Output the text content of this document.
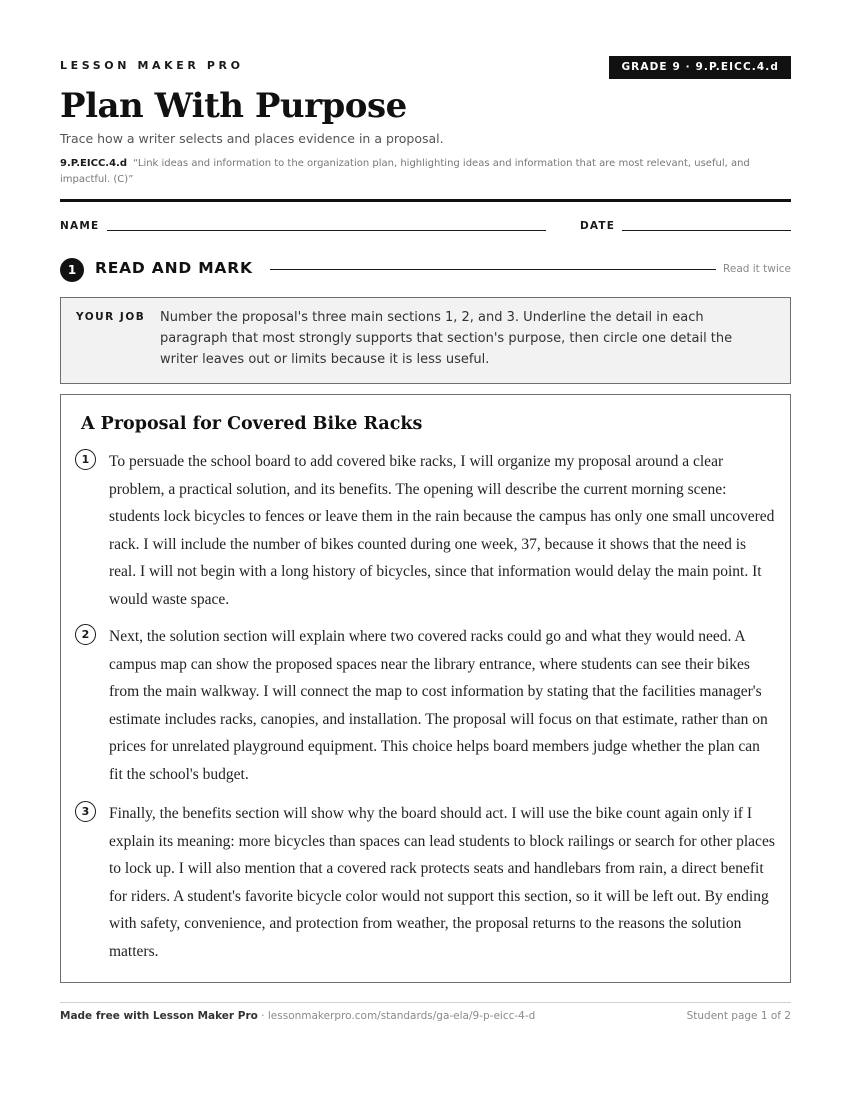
LESSON MAKER PRO	GRADE 9 · 9.P.EICC.4.d
Plan With Purpose
Trace how a writer selects and places evidence in a proposal.
9.P.EICC.4.d “Link ideas and information to the organization plan, highlighting ideas and information that are most relevant, useful, and impactful. (C)”
NAME	DATE
1	READ AND MARK	Read it twice
YOUR JOB Number the proposal's three main sections 1, 2, and 3. Underline the detail in each paragraph that most strongly supports that section's purpose, then circle one detail the writer leaves out or limits because it is less useful.
A Proposal for Covered Bike Racks
1	To persuade the school board to add covered bike racks, I will organize my proposal around a clear problem, a practical solution, and its benefits. The opening will describe the current morning scene: students lock bicycles to fences or leave them in the rain because the campus has only one small uncovered rack. I will include the number of bikes counted during one week, 37, because it shows that the need is real. I will not begin with a long history of bicycles, since that information would delay the main point. It would waste space.

2	Next, the solution section will explain where two covered racks could go and what they would need. A campus map can show the proposed spaces near the library entrance, where students can see their bikes from the main walkway. I will connect the map to cost information by stating that the facilities manager's estimate includes racks, canopies, and installation. The proposal will focus on that estimate, rather than on prices for unrelated playground equipment. This choice helps board members judge whether the plan can fit the school's budget.

3	Finally, the benefits section will show why the board should act. I will use the bike count again only if I explain its meaning: more bicycles than spaces can lead students to block railings or search for other places to lock up. I will also mention that a covered rack protects seats and handlebars from rain, a direct benefit for riders. A student's favorite bicycle color would not support this section, so it will be left out. By ending with safety, convenience, and protection from weather, the proposal returns to the reasons the solution matters.

Made free with Lesson Maker Pro · lessonmakerpro.com/standards/ga-ela/9-p-eicc-4-d	Student page 1 of 2
